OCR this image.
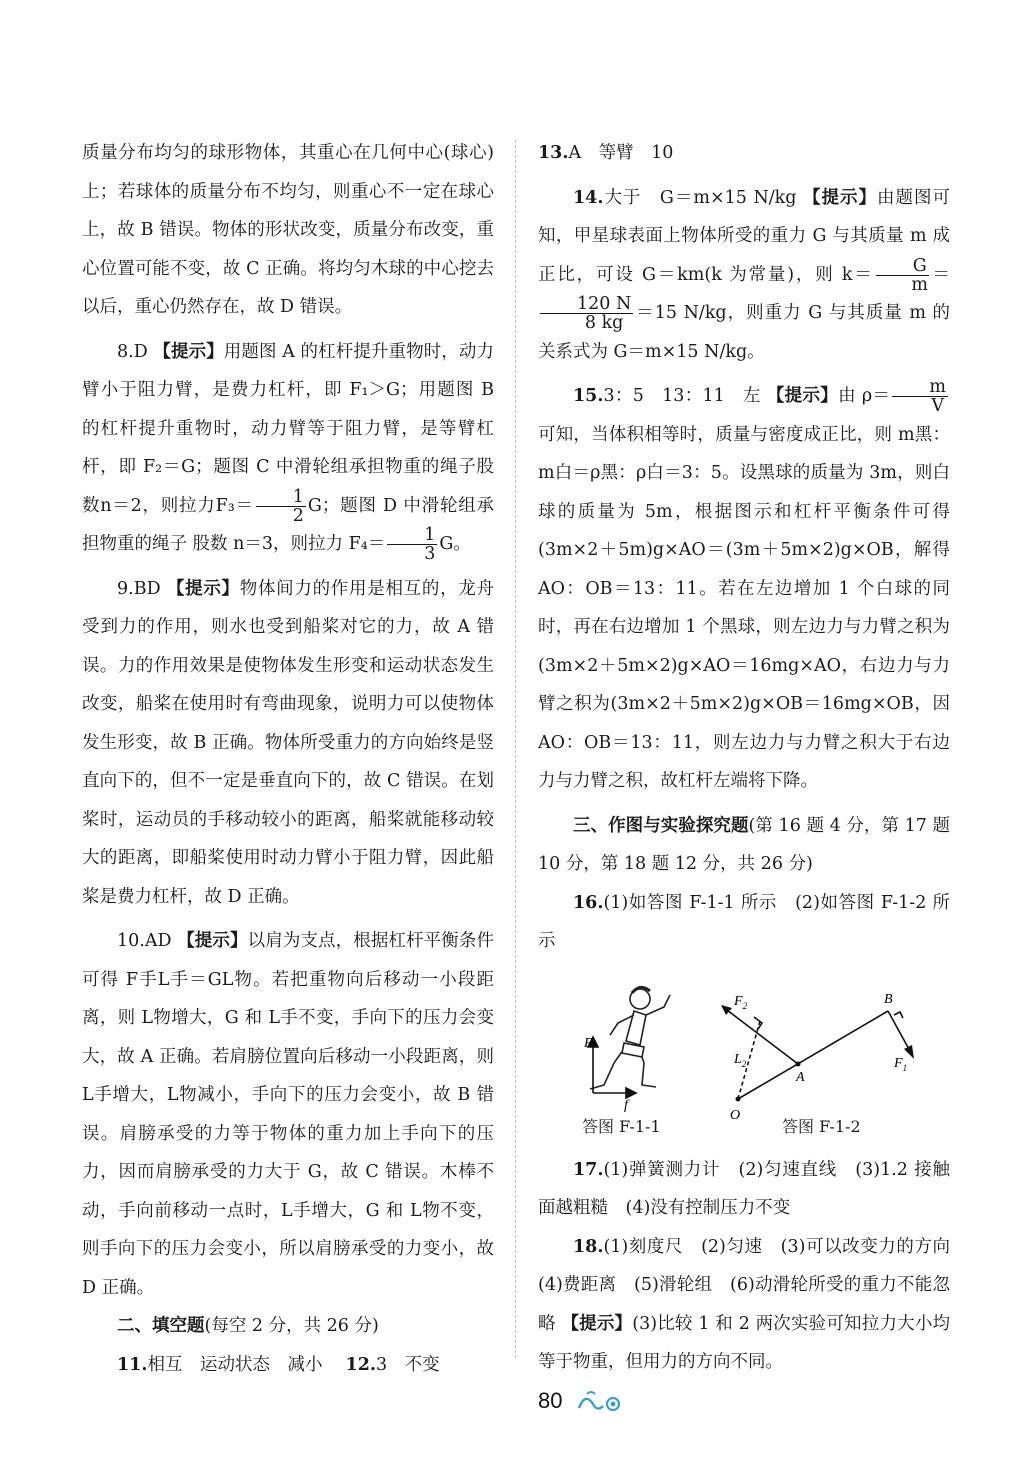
质量分布均匀的球形物体，其重心在几何中心(球心)上；若球体的质量分布不均匀，则重心不一定在球心上，故 B 错误。物体的形状改变，质量分布改变，重心位置可能不变，故 C 正确。将均匀木球的中心挖去以后，重心仍然存在，故 D 错误。

8.D 【提示】用题图 A 的杠杆提升重物时，动力臂小于阻力臂，是费力杠杆，即 F₁＞G；用题图 B 的杠杆提升重物时，动力臂等于阻力臂，是等臂杠杆，即 F₂＝G；题图 C 中滑轮组承担物重的绳子股数n＝2，则拉力$F_3= \frac{1}{2}$ G；题图 D 中滑轮组承担物重的绳子 股数 n＝3，则拉力 $F_4= \frac{1}{3}$ G。

9.BD 【提示】物体间力的作用是相互的，龙舟受到力的作用，则水也受到船桨对它的力，故 A 错误。力的作用效果是使物体发生形变和运动状态发生改变，船桨在使用时有弯曲现象，说明力可以使物体发生形变，故 B 正确。物体所受重力的方向始终是竖直向下的，但不一定是垂直向下的，故 C 错误。在划桨时，运动员的手移动较小的距离，船桨就能移动较大的距离，即船桨使用时动力臂小于阻力臂，因此船桨是费力杠杆，故 D 正确。

10.AD 【提示】以肩为支点，根据杠杆平衡条件可得 F手L手＝GL物。若把重物向后移动一小段距离，则 L物增大，G 和 L手不变，手向下的压力会变大，故 A 正确。若肩膀位置向后移动一小段距离，则 L手增大，L物减小，手向下的压力会变小，故 B 错误。肩膀承受的力等于物体的重力加上手向下的压力，因而肩膀承受的力大于 G，故 C 错误。木棒不动，手向前移动一点时，L手增大，G 和 L物不变，则手向下的压力会变小，所以肩膀承受的力变小，故 D 正确。

二、填空题(每空 2 分，共 26 分)

11.相互　运动状态　减小　 12.3　不变

13.A　等臂　10

14.大于　G＝m×15 N/kg 【提示】由题图可知，甲星球表面上物体所受的重力 G 与其质量 m 成正比，可设 G＝km(k 为常量)，则 $k= \frac{G}{m}$ ＝
$\frac{120 N}{8 kg} =15$ N/kg，则重力 G 与其质量 m 的关系式为 G＝m×15 N/kg。

15.3：5　13：11　左 【提示】由 $\rho= \frac{m}{V}$
可知，当体积相等时，质量与密度成正比，则 m黑：m白＝ρ黑：ρ白＝3：5。设黑球的质量为 3m，则白球的质量为 5m，根据图示和杠杆平衡条件可得(3m×2＋5m)g×AO＝(3m＋5m×2)g×OB，解得 AO：OB＝13：11。若在左边增加 1 个白球的同时，再在右边增加 1 个黑球，则左边力与力臂之积为(3m×2＋5m×2)g×AO＝16mg×AO，右边力与力臂之积为(3m×2＋5m×2)g×OB＝16mg×OB，因 AO：OB＝13：11，则左边力与力臂之积大于右边力与力臂之积，故杠杆左端将下降。

三、作图与实验探究题(第 16 题 4 分，第 17 题 10 分，第 18 题 12 分，共 26 分)

16.(1)如答图 F-1-1 所示　(2)如答图 F-1-2 所示

F
f
B
A
O
$F_1$
$F_2$
$L_2$
答图 F-1-1	答图 F-1-2

17.(1)弹簧测力计　(2)匀速直线　(3)1.2 接触面越粗糙　(4)没有控制压力不变

18.(1)刻度尺　(2)匀速　(3)可以改变力的方向　(4)费距离　(5)滑轮组　(6)动滑轮所受的重力不能忽略 【提示】(3)比较 1 和 2 两次实验可知拉力大小均等于物重，但用力的方向不同。

80
